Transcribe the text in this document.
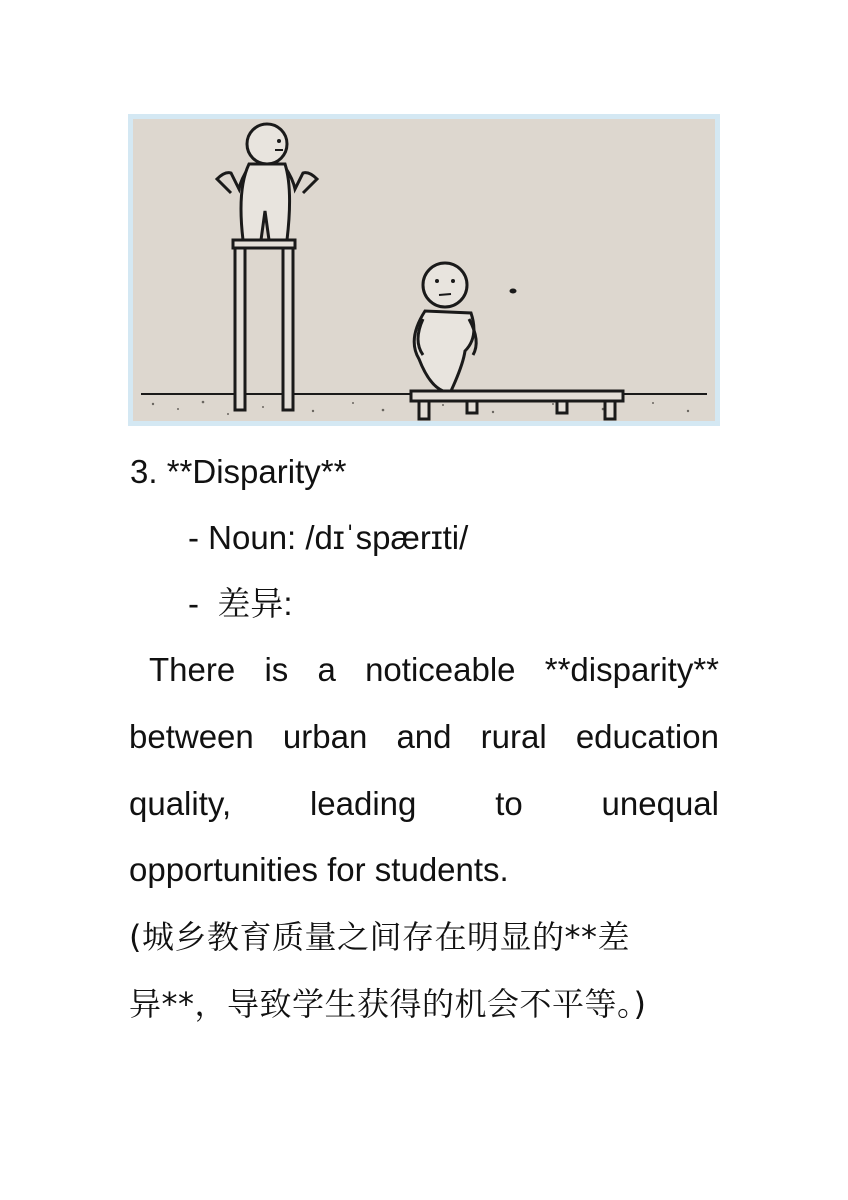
3. **Disparity**
- Noun: /dɪˈspærɪti/
-  差异:
There is a noticeable **disparity**
between urban and rural education
quality, leading to unequal
opportunities for students.
(城乡教育质量之间存在明显的**差
异**，导致学生获得的机会不平等。)
